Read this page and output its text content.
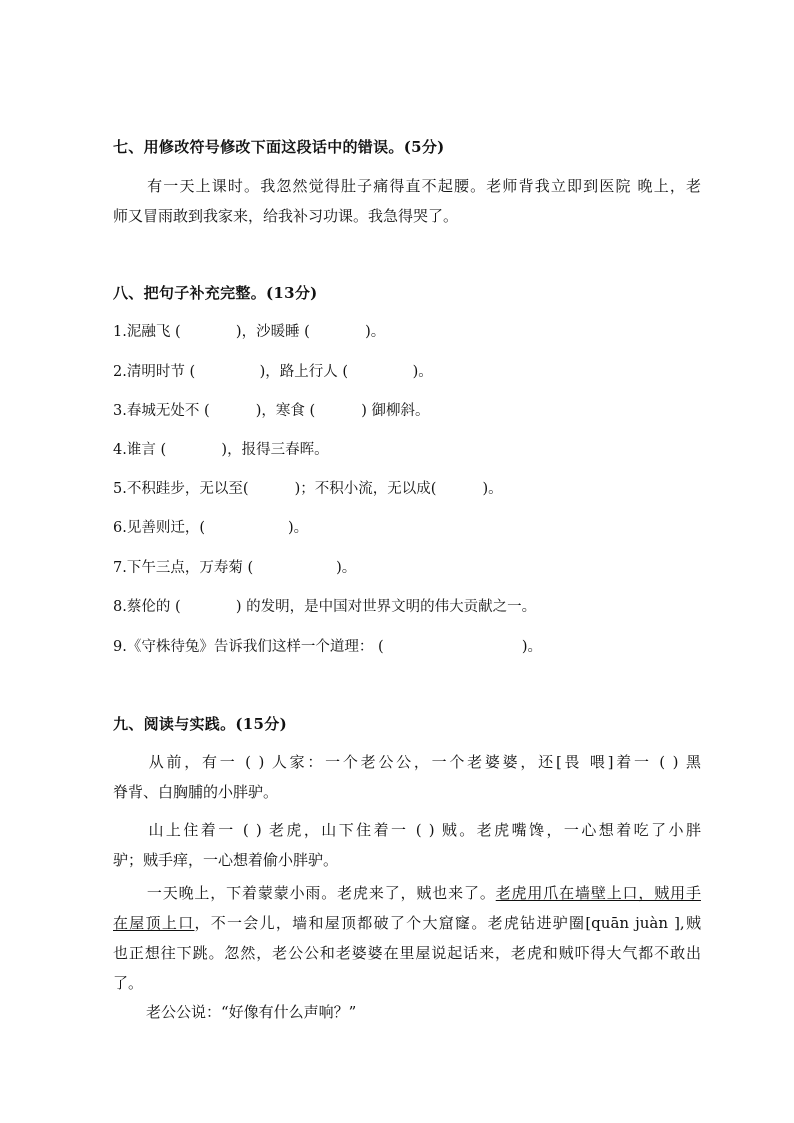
七、用修改符号修改下面这段话中的错误。(5分)
有一天上课时。我忽然觉得肚子痛得直不起腰。老师背我立即到医院 晚上，老
师又冒雨敢到我家来，给我补习功课。我急得哭了。
八、把句子补充完整。(13分)
1.泥融飞 (            )，沙暖睡 (            )。
2.清明时节 (              )，路上行人 (              )。
3.春城无处不 (          )，寒食 (          ) 御柳斜。
4.谁言 (            )，报得三春晖。
5.不积跬步，无以至(          )；不积小流，无以成(          )。
6.见善则迁，(                  )。
7.下午三点，万寿菊 (                  )。
8.蔡伦的 (            ) 的发明，是中国对世界文明的伟大贡献之一。
9.《守株待兔》告诉我们这样一个道理： (                              )。
九、阅读与实践。(15分)
从前，有一 ( ) 人家：一个老公公，一个老婆婆，还[畏 喂]着一 ( ) 黑
脊背、白胸脯的小胖驴。
山上住着一 ( ) 老虎，山下住着一 ( ) 贼。老虎嘴馋，一心想着吃了小胖
驴；贼手痒，一心想着偷小胖驴。
一天晚上，下着蒙蒙小雨。老虎来了，贼也来了。老虎用爪在墙壁上口，贼用手
在屋顶上口，不一会儿，墙和屋顶都破了个大窟窿。老虎钻进驴圈[quān juàn ],贼
也正想往下跳。忽然，老公公和老婆婆在里屋说起话来，老虎和贼吓得大气都不敢出
了。
老公公说：“好像有什么声响？”
